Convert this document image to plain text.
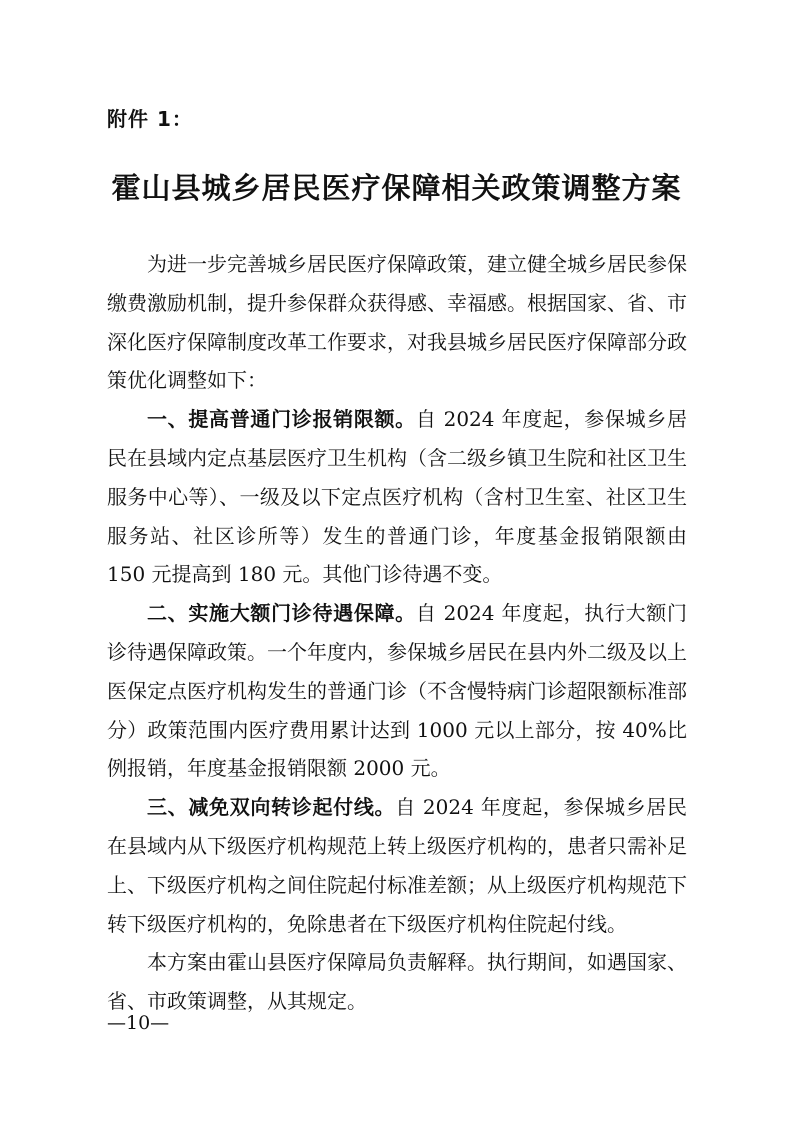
附件 1：
霍山县城乡居民医疗保障相关政策调整方案

为进一步完善城乡居民医疗保障政策，建立健全城乡居民参保缴费激励机制，提升参保群众获得感、幸福感。根据国家、省、市深化医疗保障制度改革工作要求，对我县城乡居民医疗保障部分政策优化调整如下：

一、提高普通门诊报销限额。自 2024 年度起，参保城乡居民在县域内定点基层医疗卫生机构（含二级乡镇卫生院和社区卫生服务中心等）、一级及以下定点医疗机构（含村卫生室、社区卫生服务站、社区诊所等）发生的普通门诊，年度基金报销限额由 150 元提高到 180 元。其他门诊待遇不变。

二、实施大额门诊待遇保障。自 2024 年度起，执行大额门诊待遇保障政策。一个年度内，参保城乡居民在县内外二级及以上医保定点医疗机构发生的普通门诊（不含慢特病门诊超限额标准部分）政策范围内医疗费用累计达到 1000 元以上部分，按 40%比例报销，年度基金报销限额 2000 元。

三、减免双向转诊起付线。自 2024 年度起，参保城乡居民在县域内从下级医疗机构规范上转上级医疗机构的，患者只需补足上、下级医疗机构之间住院起付标准差额；从上级医疗机构规范下转下级医疗机构的，免除患者在下级医疗机构住院起付线。

本方案由霍山县医疗保障局负责解释。执行期间，如遇国家、省、市政策调整，从其规定。

—10—
